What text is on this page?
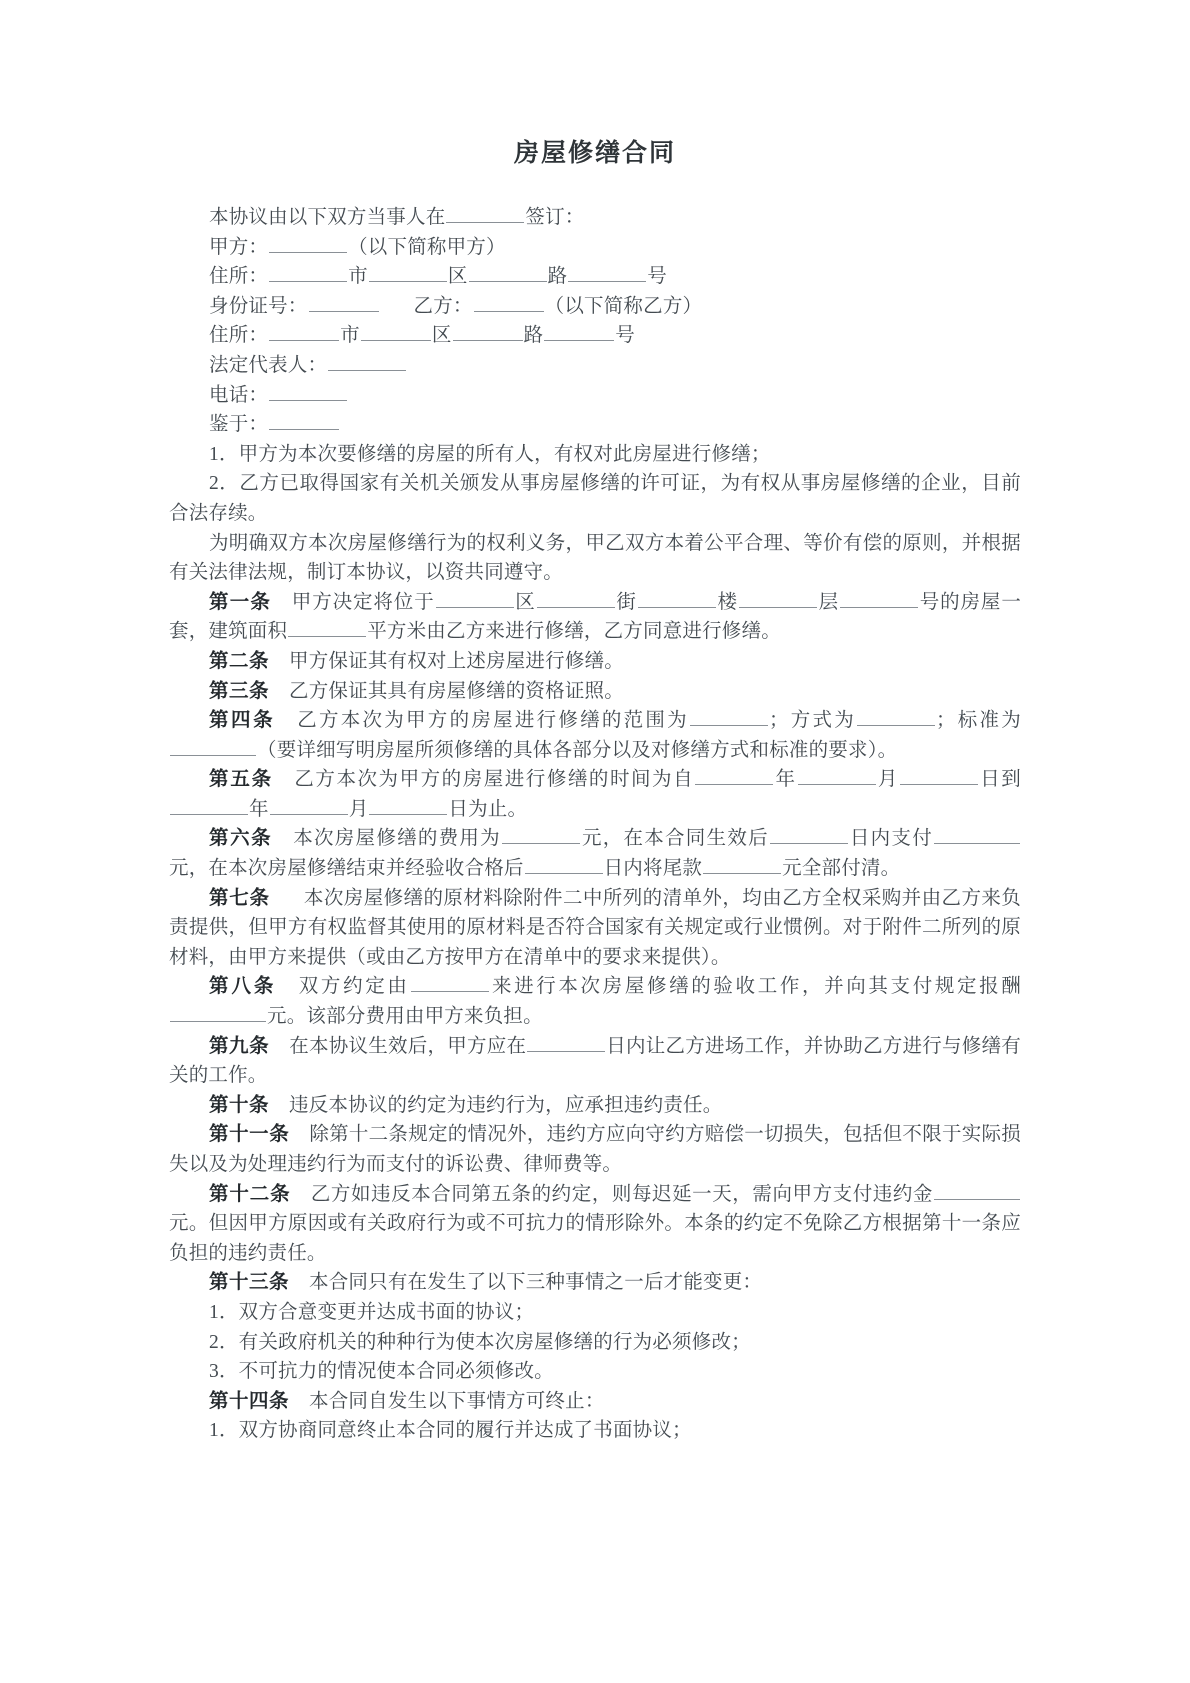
房屋修缮合同

本协议由以下双方当事人在	签订：

甲方：	（以下简称甲方）

住所：	市	区	路	号

身份证号：	乙方：	（以下简称乙方）

住所：	市	区	路	号

法定代表人：

电话：

鉴于：

1．甲方为本次要修缮的房屋的所有人，有权对此房屋进行修缮；

2．乙方已取得国家有关机关颁发从事房屋修缮的许可证，为有权从事房屋修缮的企业，目前合法存续。

为明确双方本次房屋修缮行为的权利义务，甲乙双方本着公平合理、等价有偿的原则，并根据有关法律法规，制订本协议，以资共同遵守。

第一条 甲方决定将位于	区	街	楼	层	号的房屋一套，建筑面积	平方米由乙方来进行修缮，乙方同意进行修缮。

第二条 甲方保证其有权对上述房屋进行修缮。

第三条 乙方保证其具有房屋修缮的资格证照。

第四条 乙方本次为甲方的房屋进行修缮的范围为	；方式为	；标准为（要详细写明房屋所须修缮的具体各部分以及对修缮方式和标准的要求）。

第五条 乙方本次为甲方的房屋进行修缮的时间为自	年	月	日到年	月	日为止。

第六条 本次房屋修缮的费用为	元，在本合同生效后	日内支付元，在本次房屋修缮结束并经验收合格后	日内将尾款	元全部付清。

第七条 本次房屋修缮的原材料除附件二中所列的清单外，均由乙方全权采购并由乙方来负责提供，但甲方有权监督其使用的原材料是否符合国家有关规定或行业惯例。对于附件二所列的原材料，由甲方来提供（或由乙方按甲方在清单中的要求来提供）。

第八条 双方约定由	来进行本次房屋修缮的验收工作，并向其支付规定报酬元。该部分费用由甲方来负担。

第九条 在本协议生效后，甲方应在	日内让乙方进场工作，并协助乙方进行与修缮有关的工作。

第十条 违反本协议的约定为违约行为，应承担违约责任。

第十一条 除第十二条规定的情况外，违约方应向守约方赔偿一切损失，包括但不限于实际损失以及为处理违约行为而支付的诉讼费、律师费等。

第十二条 乙方如违反本合同第五条的约定，则每迟延一天，需向甲方支付违约金元。但因甲方原因或有关政府行为或不可抗力的情形除外。本条的约定不免除乙方根据第十一条应负担的违约责任。

第十三条 本合同只有在发生了以下三种事情之一后才能变更：

1．双方合意变更并达成书面的协议；

2．有关政府机关的种种行为使本次房屋修缮的行为必须修改；

3．不可抗力的情况使本合同必须修改。

第十四条 本合同自发生以下事情方可终止：

1．双方协商同意终止本合同的履行并达成了书面协议；
